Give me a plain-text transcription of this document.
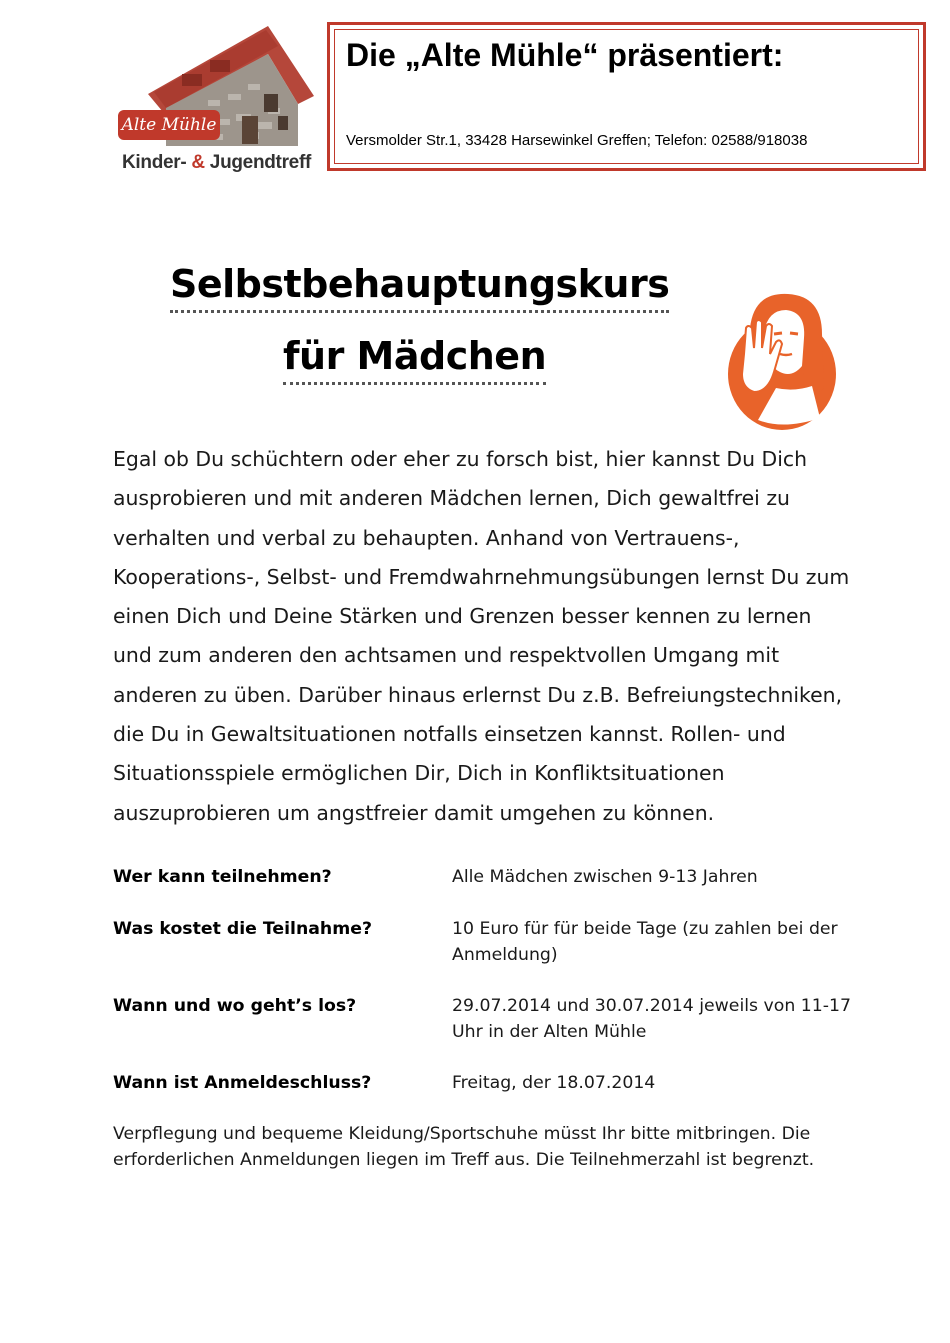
Alte Mühle
Kinder- & Jugendtreff
Die „Alte Mühle“ präsentiert:
Versmolder Str.1, 33428 Harsewinkel Greffen; Telefon: 02588/918038
Selbstbehauptungskurs
für Mädchen
Egal ob Du schüchtern oder eher zu forsch bist, hier kannst Du Dich ausprobieren und mit anderen Mädchen lernen, Dich gewaltfrei zu verhalten und verbal zu behaupten. Anhand von Vertrauens-, Kooperations-, Selbst- und Fremdwahrnehmungsübungen lernst Du zum einen Dich und Deine Stärken und Grenzen besser kennen zu lernen und zum anderen den achtsamen und respektvollen Umgang mit anderen zu üben. Darüber hinaus erlernst Du z.B. Befreiungstechniken, die Du in Gewaltsituationen notfalls einsetzen kannst. Rollen- und Situationsspiele ermöglichen Dir, Dich in Konfliktsituationen auszuprobieren um angstfreier damit umgehen zu können.
Wer kann teilnehmen?	Alle Mädchen zwischen 9-13 Jahren
Was kostet die Teilnahme?	10 Euro für für beide Tage (zu zahlen bei der Anmeldung)
Wann und wo geht’s los?	29.07.2014 und 30.07.2014 jeweils von 11-17 Uhr in der Alten Mühle
Wann ist Anmeldeschluss?	Freitag, der 18.07.2014
Verpflegung und bequeme Kleidung/Sportschuhe müsst Ihr bitte mitbringen. Die erforderlichen Anmeldungen liegen im Treff aus. Die Teilnehmerzahl ist begrenzt.
